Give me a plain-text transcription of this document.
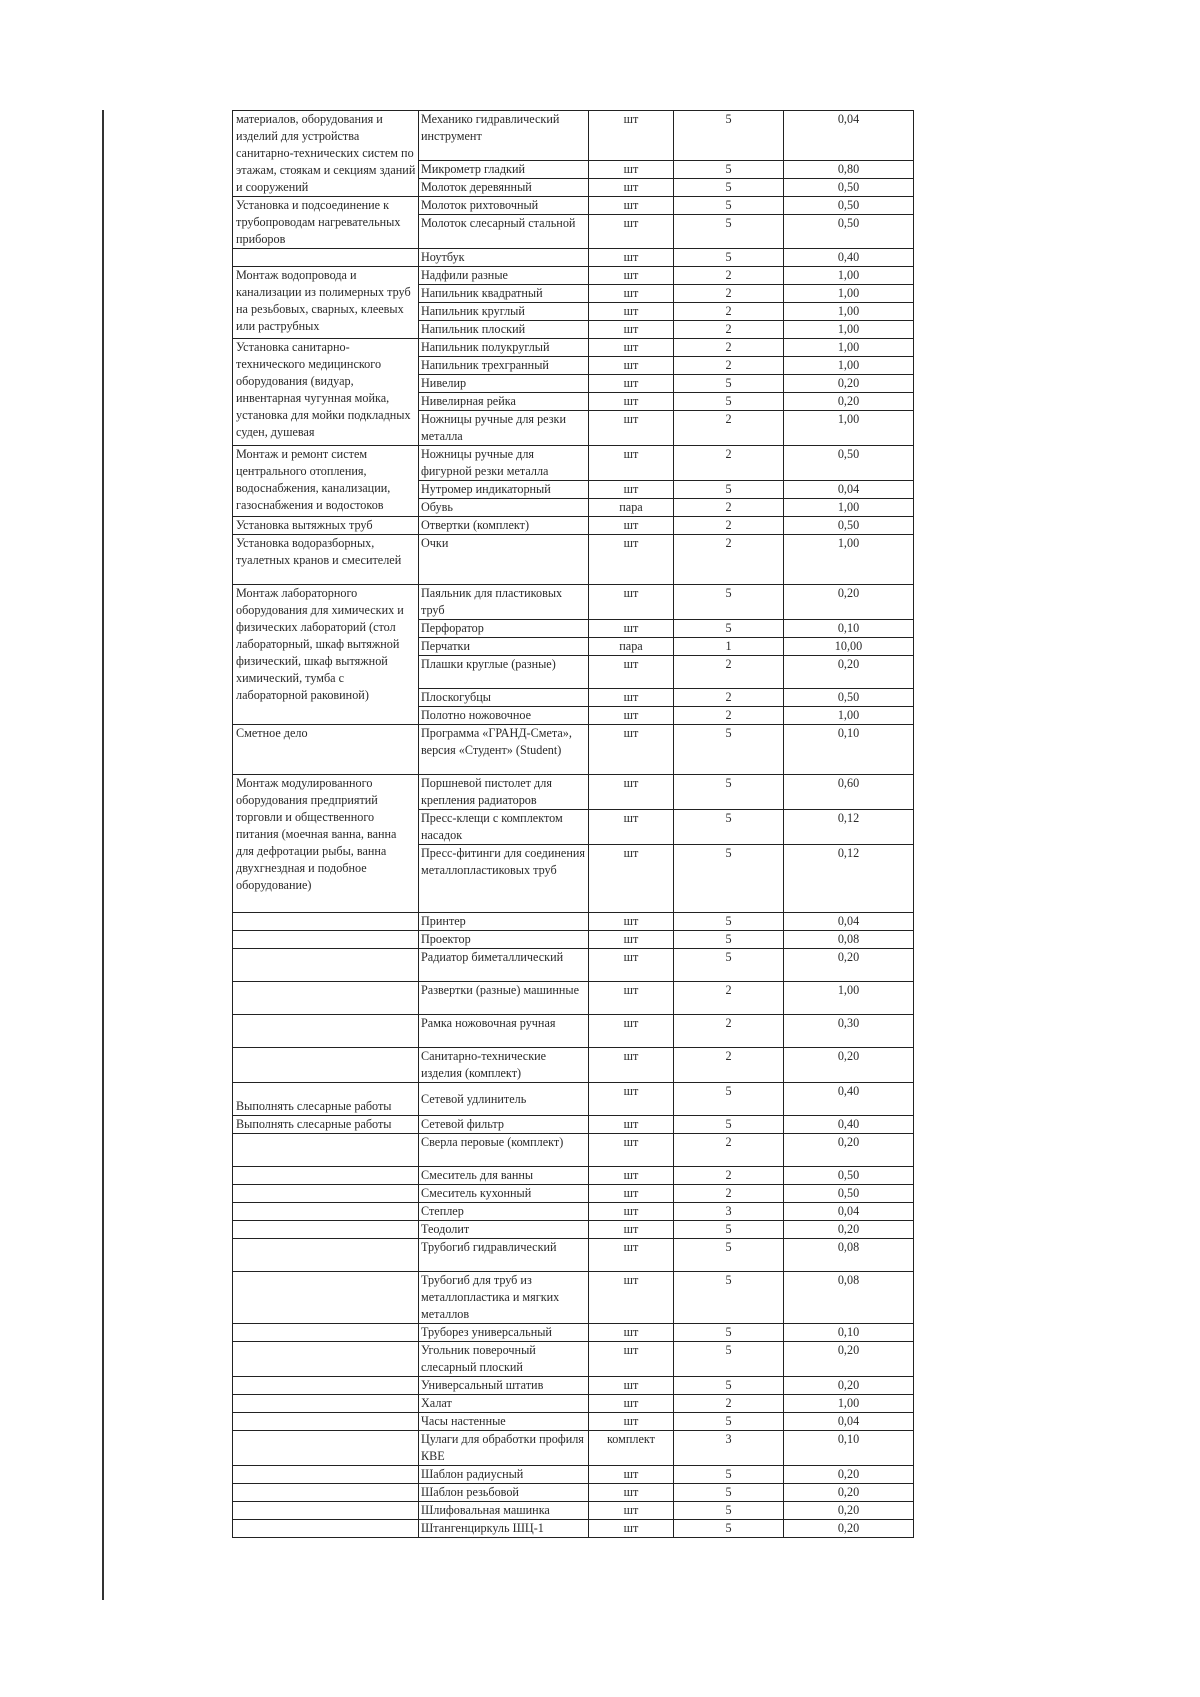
материалов, оборудования и изделий для устройства санитарно-технических систем по этажам, стоякам и секциям зданий и сооружений	Механико гидравлический инструмент	шт	5	0,04
	Микрометр гладкий	шт	5	0,80
	Молоток деревянный	шт	5	0,50
Установка и подсоединение к трубопроводам нагревательных приборов	Молоток рихтовочный	шт	5	0,50
	Молоток слесарный стальной	шт	5	0,50
	Ноутбук	шт	5	0,40
Монтаж водопровода и канализации из полимерных труб на резьбовых, сварных, клеевых или раструбных	Надфили разные	шт	2	1,00
	Напильник квадратный	шт	2	1,00
	Напильник круглый	шт	2	1,00
	Напильник плоский	шт	2	1,00
Установка санитарно-технического медицинского оборудования (видуар, инвентарная чугунная мойка, установка для мойки подкладных суден, душевая	Напильник полукруглый	шт	2	1,00
	Напильник трехгранный	шт	2	1,00
	Нивелир	шт	5	0,20
	Нивелирная рейка	шт	5	0,20
	Ножницы ручные для резки металла	шт	2	1,00
Монтаж и ремонт систем центрального отопления, водоснабжения, канализации, газоснабжения и водостоков	Ножницы ручные для фигурной резки металла	шт	2	0,50
	Нутромер индикаторный	шт	5	0,04
	Обувь	пара	2	1,00
Установка вытяжных труб	Отвертки (комплект)	шт	2	0,50
Установка водоразборных, туалетных кранов и смесителей	Очки	шт	2	1,00
Монтаж лабораторного оборудования для химических и физических лабораторий (стол лабораторный, шкаф вытяжной физический, шкаф вытяжной химический, тумба с лабораторной раковиной)	Паяльник для пластиковых труб	шт	5	0,20
	Перфоратор	шт	5	0,10
	Перчатки	пара	1	10,00
	Плашки круглые (разные)	шт	2	0,20
	Плоскогубцы	шт	2	0,50
	Полотно ножовочное	шт	2	1,00
Сметное дело	Программа «ГРАНД-Смета», версия «Студент» (Student)	шт	5	0,10
Монтаж модулированного оборудования предприятий торговли и общественного питания (моечная ванна, ванна для дефротации рыбы, ванна двухгнездная и подобное оборудование)	Поршневой пистолет для крепления радиаторов	шт	5	0,60
	Пресс-клещи с комплектом насадок	шт	5	0,12
	Пресс-фитинги для соединения металлопластиковых труб	шт	5	0,12
	Принтер	шт	5	0,04
	Проектор	шт	5	0,08
	Радиатор биметаллический	шт	5	0,20
	Развертки (разные) машинные	шт	2	1,00
	Рамка ножовочная ручная	шт	2	0,30
	Санитарно-технические изделия (комплект)	шт	2	0,20
Выполнять слесарные работы	Сетевой удлинитель	шт	5	0,40
Выполнять слесарные работы	Сетевой фильтр	шт	5	0,40
	Сверла перовые (комплект)	шт	2	0,20
	Смеситель для ванны	шт	2	0,50
	Смеситель кухонный	шт	2	0,50
	Степлер	шт	3	0,04
	Теодолит	шт	5	0,20
	Трубогиб гидравлический	шт	5	0,08
	Трубогиб для труб из металлопластика и мягких металлов	шт	5	0,08
	Труборез универсальный	шт	5	0,10
	Угольник поверочный слесарный плоский	шт	5	0,20
	Универсальный штатив	шт	5	0,20
	Халат	шт	2	1,00
	Часы настенные	шт	5	0,04
	Цулаги для обработки профиля КВЕ	комплект	3	0,10
	Шаблон радиусный	шт	5	0,20
	Шаблон резьбовой	шт	5	0,20
	Шлифовальная машинка	шт	5	0,20
	Штангенциркуль ШЦ-1	шт	5	0,20
